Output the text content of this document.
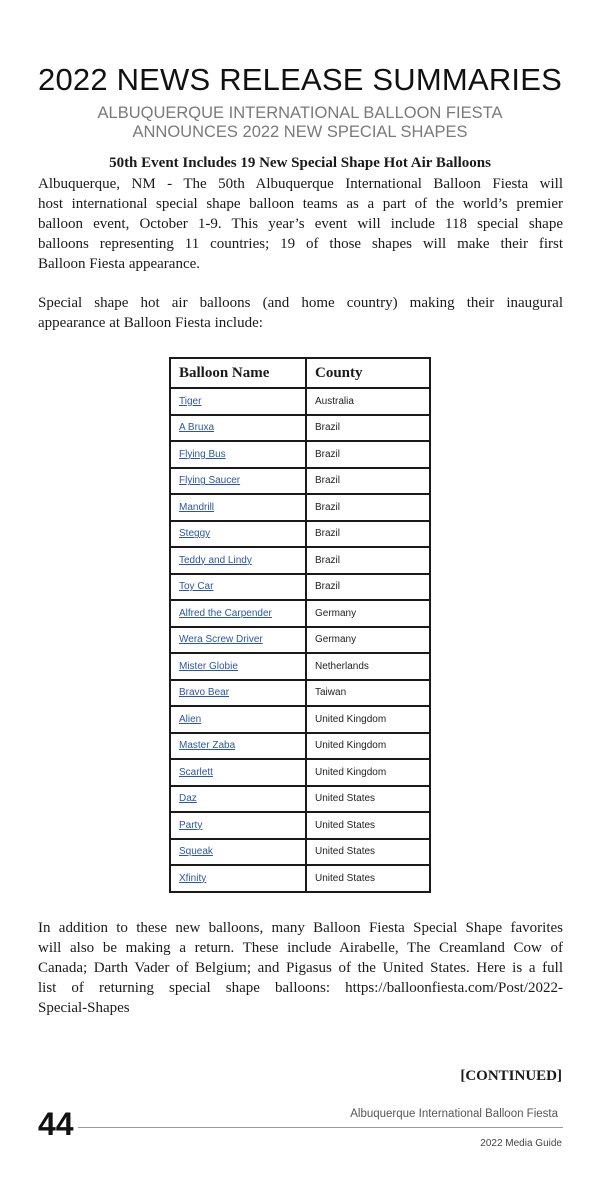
2022 NEWS RELEASE SUMMARIES
ALBUQUERQUE INTERNATIONAL BALLOON FIESTA
ANNOUNCES 2022 NEW SPECIAL SHAPES
50th Event Includes 19 New Special Shape Hot Air Balloons
Albuquerque, NM - The 50th Albuquerque International Balloon Fiesta will
host international special shape balloon teams as a part of the world’s premier
balloon event, October 1-9. This year’s event will include 118 special shape
balloons representing 11 countries; 19 of those shapes will make their first
Balloon Fiesta appearance.
Special shape hot air balloons (and home country) making their inaugural
appearance at Balloon Fiesta include:
Balloon Name	County
Tiger	Australia
A Bruxa	Brazil
Flying Bus	Brazil
Flying Saucer	Brazil
Mandrill	Brazil
Steggy	Brazil
Teddy and Lindy	Brazil
Toy Car	Brazil
Alfred the Carpender	Germany
Wera Screw Driver	Germany
Mister Globie	Netherlands
Bravo Bear	Taiwan
Alien	United Kingdom
Master Zaba	United Kingdom
Scarlett	United Kingdom
Daz	United States
Party	United States
Squeak	United States
Xfinity	United States
In addition to these new balloons, many Balloon Fiesta Special Shape favorites
will also be making a return. These include Airabelle, The Creamland Cow of
Canada; Darth Vader of Belgium; and Pigasus of the United States. Here is a full
list of returning special shape balloons: https://balloonfiesta.com/Post/2022-
Special-Shapes
[CONTINUED]
44	Albuquerque International Balloon Fiesta
2022 Media Guide
